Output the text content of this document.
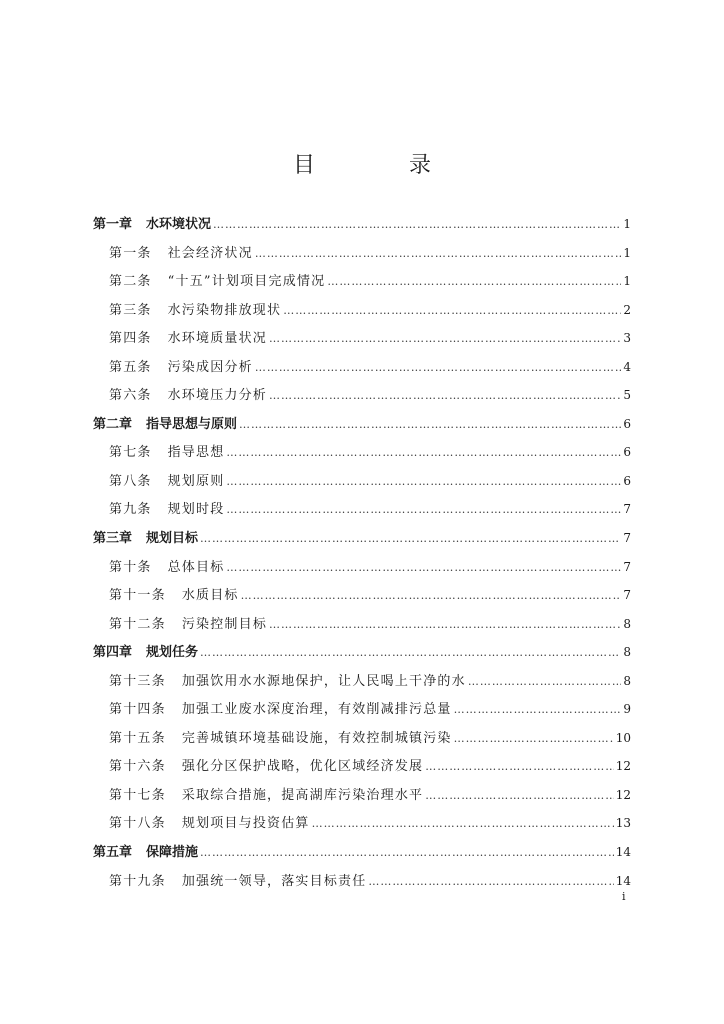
目　录
第一章 水环境状况 ……………………………………………………………………………………………………………………………………………………………………	1
第一条 社会经济状况 ……………………………………………………………………………………………………………………………………………………………………	1
第二条 “十五”计划项目完成情况 ……………………………………………………………………………………………………………………………………………………………………	1
第三条 水污染物排放现状 ……………………………………………………………………………………………………………………………………………………………………	2
第四条 水环境质量状况 ……………………………………………………………………………………………………………………………………………………………………	3
第五条 污染成因分析 ……………………………………………………………………………………………………………………………………………………………………	4
第六条 水环境压力分析 ……………………………………………………………………………………………………………………………………………………………………	5
第二章 指导思想与原则 ……………………………………………………………………………………………………………………………………………………………………	6
第七条 指导思想 ……………………………………………………………………………………………………………………………………………………………………	6
第八条 规划原则 ……………………………………………………………………………………………………………………………………………………………………	6
第九条 规划时段 ……………………………………………………………………………………………………………………………………………………………………	7
第三章 规划目标 ……………………………………………………………………………………………………………………………………………………………………	7
第十条 总体目标 ……………………………………………………………………………………………………………………………………………………………………	7
第十一条 水质目标 ……………………………………………………………………………………………………………………………………………………………………	7
第十二条 污染控制目标 ……………………………………………………………………………………………………………………………………………………………………	8
第四章 规划任务 ……………………………………………………………………………………………………………………………………………………………………	8
第十三条 加强饮用水水源地保护，让人民喝上干净的水 ……………………………………………………………………………………………………………………………………………………………………	8
第十四条 加强工业废水深度治理，有效削减排污总量 ……………………………………………………………………………………………………………………………………………………………………	9
第十五条 完善城镇环境基础设施，有效控制城镇污染 ……………………………………………………………………………………………………………………………………………………………………	10
第十六条 强化分区保护战略，优化区域经济发展 ……………………………………………………………………………………………………………………………………………………………………	12
第十七条 采取综合措施，提高湖库污染治理水平 ……………………………………………………………………………………………………………………………………………………………………	12
第十八条 规划项目与投资估算 ……………………………………………………………………………………………………………………………………………………………………	13
第五章 保障措施 ……………………………………………………………………………………………………………………………………………………………………	14
第十九条 加强统一领导，落实目标责任 ……………………………………………………………………………………………………………………………………………………………………	14
i
